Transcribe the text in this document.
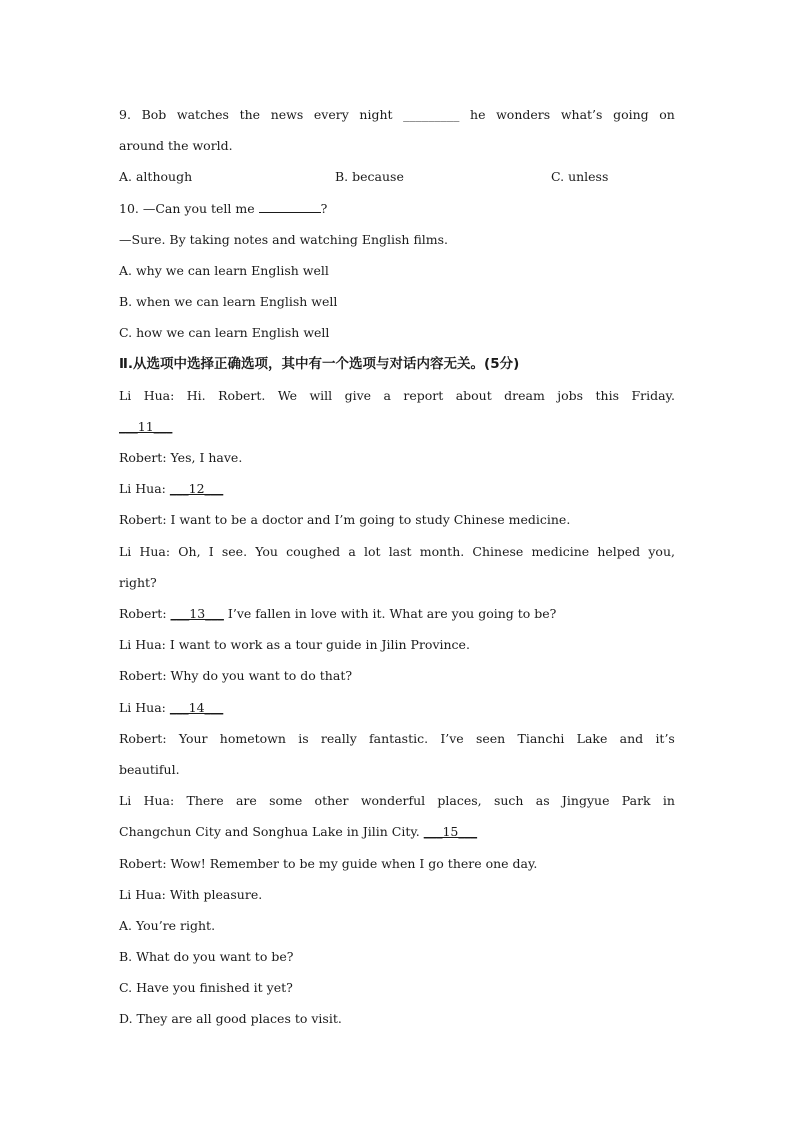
9. Bob watches the news every night _________ he wonders what’s going on
around the world.
A. although	B. because	C. unless
10. —Can you tell me	?
—Sure. By taking notes and watching English films.
A. why we can learn English well
B. when we can learn English well
C. how we can learn English well
Ⅱ.从选项中选择正确选项，其中有一个选项与对话内容无关。(5分)
Li Hua: Hi. Robert. We will give a report about dream jobs this Friday.
___11___
Robert: Yes, I have.
Li Hua: ___12___
Robert: I want to be a doctor and I’m going to study Chinese medicine.
Li Hua: Oh, I see. You coughed a lot last month. Chinese medicine helped you,
right?
Robert: ___13___ I’ve fallen in love with it. What are you going to be?
Li Hua: I want to work as a tour guide in Jilin Province.
Robert: Why do you want to do that?
Li Hua: ___14___
Robert: Your hometown is really fantastic. I’ve seen Tianchi Lake and it’s
beautiful.
Li Hua: There are some other wonderful places, such as Jingyue Park in
Changchun City and Songhua Lake in Jilin City. ___15___
Robert: Wow! Remember to be my guide when I go there one day.
Li Hua: With pleasure.
A. You’re right.
B. What do you want to be?
C. Have you finished it yet?
D. They are all good places to visit.
